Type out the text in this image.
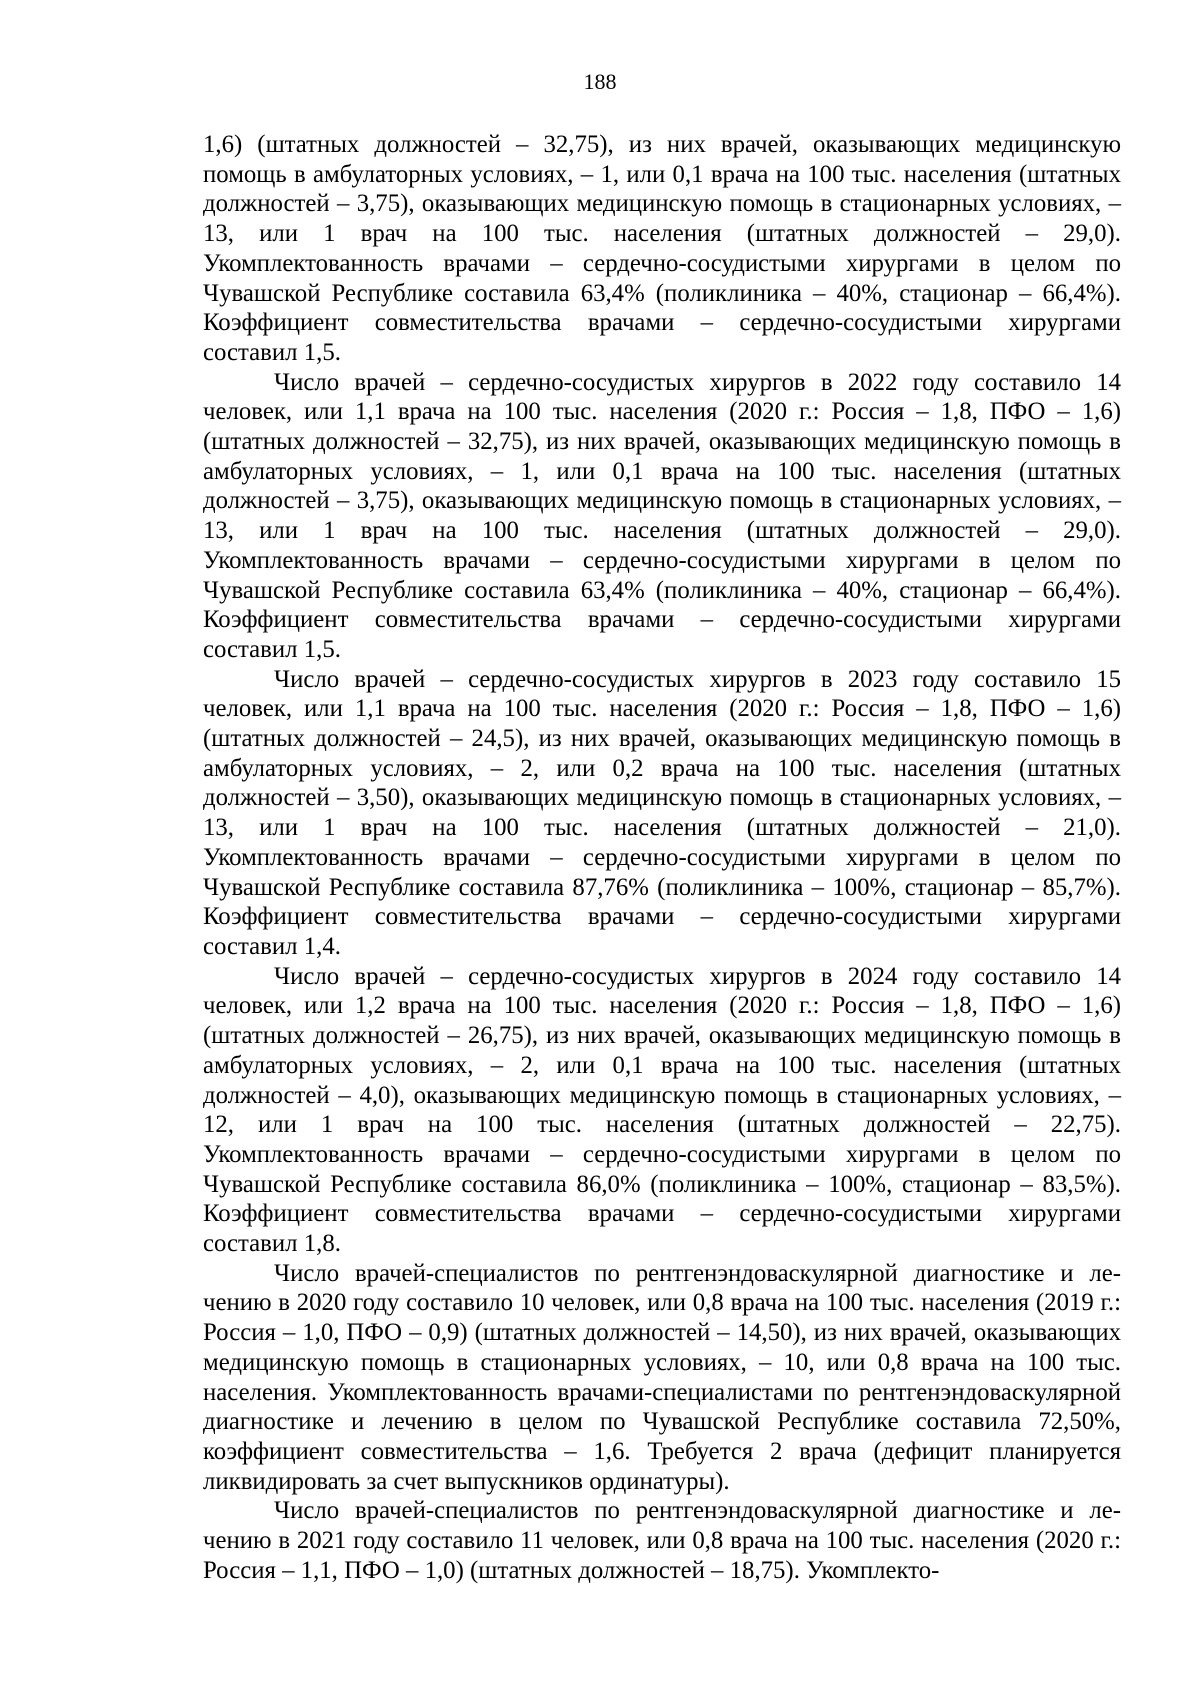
188

1,6) (штатных должностей – 32,75), из них врачей, оказывающих медицинскую помощь в амбулаторных условиях, – 1, или 0,1 врача на 100 тыс. населения (штатных должностей – 3,75), оказывающих медицинскую помощь в стационарных условиях, – 13, или 1 врач на 100 тыс. населения (штатных должностей – 29,0). Укомплектованность врачами – сердечно-сосудистыми хирургами в целом по Чувашской Республике составила 63,4% (поликлиника – 40%, стационар – 66,4%). Коэффициент совместительства врачами – сердечно-сосудистыми хирургами составил 1,5.

Число врачей – сердечно-сосудистых хирургов в 2022 году составило 14 человек, или 1,1 врача на 100 тыс. населения (2020 г.: Россия – 1,8, ПФО – 1,6) (штатных должностей – 32,75), из них врачей, оказывающих медицинскую помощь в амбулаторных условиях, – 1, или 0,1 врача на 100 тыс. населения (штатных должностей – 3,75), оказывающих медицинскую помощь в стационарных условиях, – 13, или 1 врач на 100 тыс. населения (штатных должностей – 29,0). Укомплектованность врачами – сердечно-сосудистыми хирургами в целом по Чувашской Республике составила 63,4% (поликлиника – 40%, стационар – 66,4%). Коэффициент совместительства врачами – сердечно-сосудистыми хирургами составил 1,5.

Число врачей – сердечно-сосудистых хирургов в 2023 году составило 15 человек, или 1,1 врача на 100 тыс. населения (2020 г.: Россия – 1,8, ПФО – 1,6) (штатных должностей – 24,5), из них врачей, оказывающих медицинскую помощь в амбулаторных условиях, – 2, или 0,2 врача на 100 тыс. населения (штатных должностей – 3,50), оказывающих медицинскую помощь в стационарных условиях, – 13, или 1 врач на 100 тыс. населения (штатных должностей – 21,0). Укомплектованность врачами – сердечно-сосудистыми хирургами в целом по Чувашской Республике составила 87,76% (поликлиника – 100%, стационар – 85,7%). Коэффициент совместительства врачами – сердечно-сосудистыми хирургами составил 1,4.

Число врачей – сердечно-сосудистых хирургов в 2024 году составило 14 человек, или 1,2 врача на 100 тыс. населения (2020 г.: Россия – 1,8, ПФО – 1,6) (штатных должностей – 26,75), из них врачей, оказывающих медицинскую помощь в амбулаторных условиях, – 2, или 0,1 врача на 100 тыс. населения (штатных должностей – 4,0), оказывающих медицинскую помощь в стационарных условиях, – 12, или 1 врач на 100 тыс. населения (штатных должностей – 22,75). Укомплектованность врачами – сердечно-сосудистыми хирургами в целом по Чувашской Республике составила 86,0% (поликлиника – 100%, стационар – 83,5%). Коэффициент совместительства врачами – сердечно-сосудистыми хирургами составил 1,8.

Число врачей-специалистов по рентгенэндоваскулярной диагностике и лечению в 2020 году составило 10 человек, или 0,8 врача на 100 тыс. населения (2019 г.: Россия – 1,0, ПФО – 0,9) (штатных должностей – 14,50), из них врачей, оказывающих медицинскую помощь в стационарных условиях, – 10, или 0,8 врача на 100 тыс. населения. Укомплектованность врачами-специалистами по рентгенэндоваскулярной диагностике и лечению в целом по Чувашской Республике составила 72,50%, коэффициент совместительства – 1,6. Требуется 2 врача (дефицит планируется ликвидировать за счет выпускников ординатуры).

Число врачей-специалистов по рентгенэндоваскулярной диагностике и лечению в 2021 году составило 11 человек, или 0,8 врача на 100 тыс. населения (2020 г.: Россия – 1,1, ПФО – 1,0) (штатных должностей – 18,75). Укомплекто-
